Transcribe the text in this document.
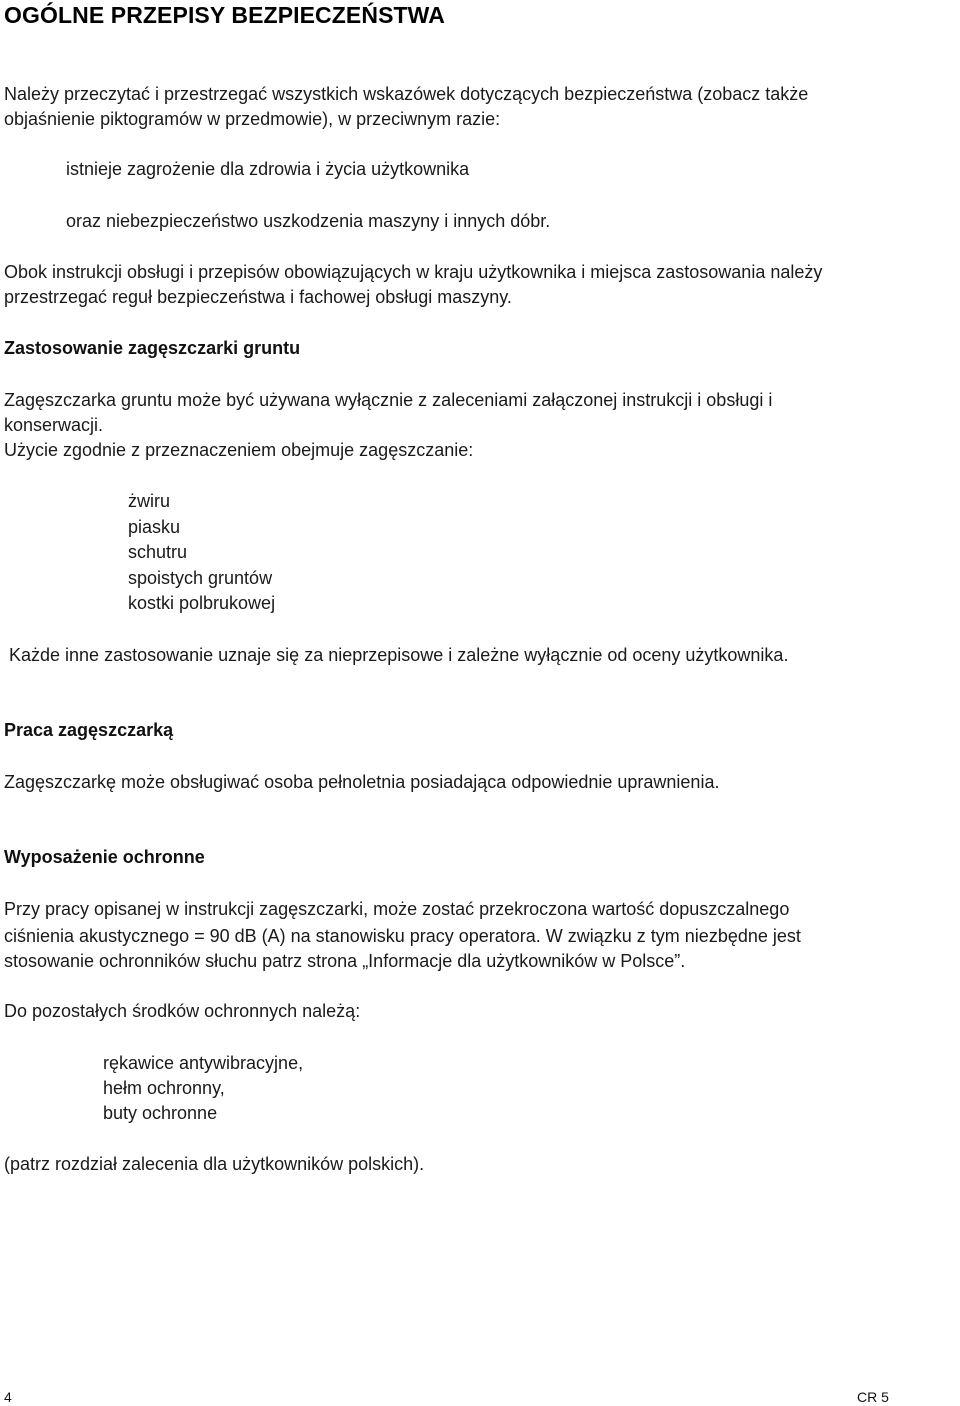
OGÓLNE PRZEPISY BEZPIECZEŃSTWA

Należy przeczytać i przestrzegać wszystkich wskazówek dotyczących bezpieczeństwa (zobacz także

objaśnienie piktogramów w przedmowie), w przeciwnym razie:

istnieje zagrożenie dla zdrowia i życia użytkownika

oraz niebezpieczeństwo uszkodzenia maszyny i innych dóbr.

Obok instrukcji obsługi i przepisów obowiązujących w kraju użytkownika i miejsca zastosowania należy

przestrzegać reguł bezpieczeństwa i fachowej obsługi maszyny.

Zastosowanie zagęszczarki gruntu

Zagęszczarka gruntu może być używana wyłącznie z zaleceniami załączonej instrukcji i obsługi i

konserwacji.

Użycie zgodnie z przeznaczeniem obejmuje zagęszczanie:

żwiru
piasku
schutru
spoistych gruntów
kostki polbrukowej

Każde inne zastosowanie uznaje się za nieprzepisowe i zależne wyłącznie od oceny użytkownika.

Praca zagęszczarką

Zagęszczarkę może obsługiwać osoba pełnoletnia posiadająca odpowiednie uprawnienia.

Wyposażenie ochronne

Przy pracy opisanej w instrukcji zagęszczarki, może zostać przekroczona wartość dopuszczalnego

ciśnienia akustycznego = 90 dB (A) na stanowisku pracy operatora. W związku z tym niezbędne jest

stosowanie ochronników słuchu patrz strona „Informacje dla użytkowników w Polsce”.

Do pozostałych środków ochronnych należą:

rękawice antywibracyjne,
hełm ochronny,
buty ochronne

(patrz rozdział zalecenia dla użytkowników polskich).

4	CR 5
